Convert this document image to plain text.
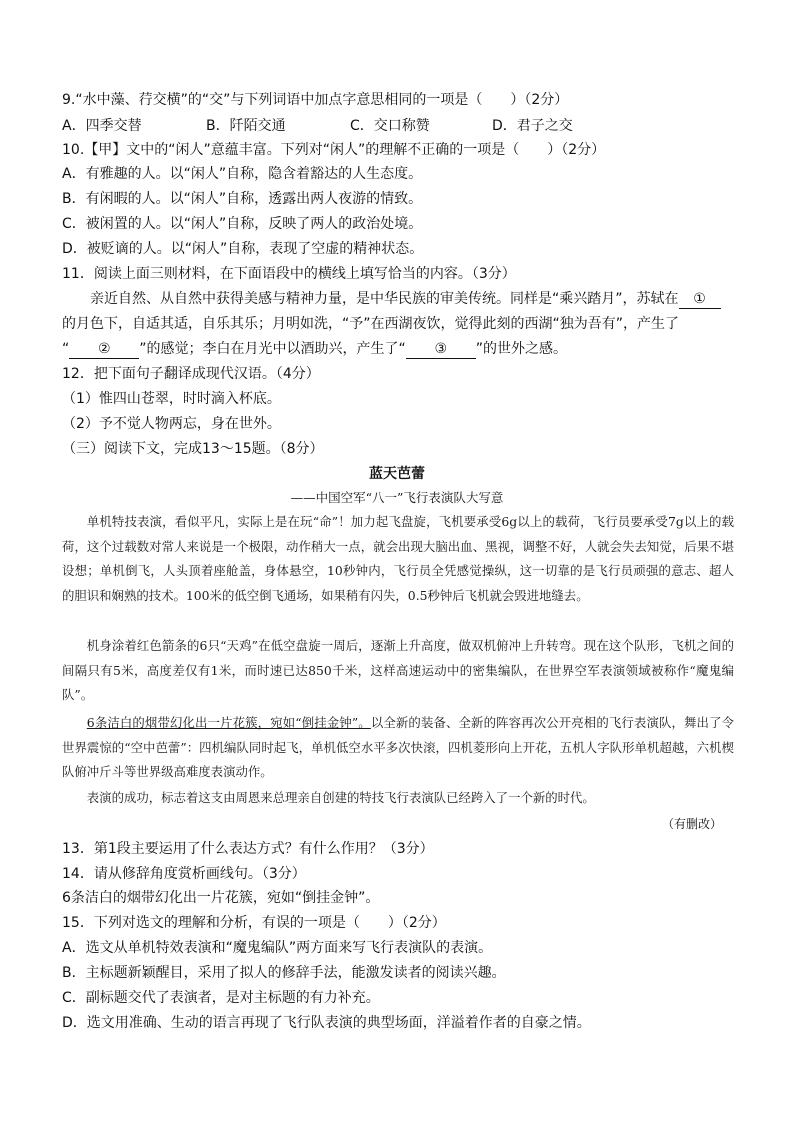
9.“水中藻、荇交横”的“交”与下列词语中加点字意思相同的一项是（　　）（2分）
A．四季交替	B．阡陌交通	C．交口称赞	D．君子之交
10.【甲】文中的“闲人”意蕴丰富。下列对“闲人”的理解不正确的一项是（　　）（2分）
A．有雅趣的人。以“闲人”自称，隐含着豁达的人生态度。
B．有闲暇的人。以“闲人”自称，透露出两人夜游的情致。
C．被闲置的人。以“闲人”自称，反映了两人的政治处境。
D．被贬谪的人。以“闲人”自称，表现了空虚的精神状态。
11．阅读上面三则材料，在下面语段中的横线上填写恰当的内容。（3分）
亲近自然、从自然中获得美感与精神力量，是中华民族的审美传统。同样是“乘兴踏月”，苏轼在 ①
的月色下，自适其适，自乐其乐；月明如洗，“予”在西湖夜饮，觉得此刻的西湖“独为吾有”，产生了
“ ② ”的感觉；李白在月光中以酒助兴，产生了“ ③ ”的世外之感。
12．把下面句子翻译成现代汉语。（4分）
（1）惟四山苍翠，时时滴入杯底。
（2）予不觉人物两忘，身在世外。
（三）阅读下文，完成13～15题。（8分）
蓝天芭蕾
——中国空军“八一”飞行表演队大写意
单机特技表演，看似平凡，实际上是在玩“命”！加力起飞盘旋，飞机要承受6g以上的载荷，飞行员要承受7g以上的载荷，这个过载数对常人来说是一个极限，动作稍大一点，就会出现大脑出血、黑视，调整不好，人就会失去知觉，后果不堪设想；单机倒飞，人头顶着座舱盖，身体悬空，10秒钟内，飞行员全凭感觉操纵，这一切靠的是飞行员顽强的意志、超人的胆识和娴熟的技术。100米的低空倒飞通场，如果稍有闪失，0.5秒钟后飞机就会毁进地缝去。
机身涂着红色箭条的6只“天鸡”在低空盘旋一周后，逐渐上升高度，做双机俯冲上升转弯。现在这个队形，飞机之间的间隔只有5米，高度差仅有1米，而时速已达850千米，这样高速运动中的密集编队，在世界空军表演领域被称作“魔鬼编队”。
6条洁白的烟带幻化出一片花簇，宛如“倒挂金钟”。以全新的装备、全新的阵容再次公开亮相的飞行表演队，舞出了令世界震惊的“空中芭蕾”：四机编队同时起飞，单机低空水平多次快滚，四机菱形向上开花，五机人字队形单机超越，六机楔队俯冲斤斗等世界级高难度表演动作。
表演的成功，标志着这支由周恩来总理亲自创建的特技飞行表演队已经跨入了一个新的时代。
（有删改）
13．第1段主要运用了什么表达方式？有什么作用？（3分）
14．请从修辞角度赏析画线句。（3分）
6条洁白的烟带幻化出一片花簇，宛如“倒挂金钟”。
15．下列对选文的理解和分析，有误的一项是（　　）（2分）
A．选文从单机特效表演和“魔鬼编队”两方面来写飞行表演队的表演。
B．主标题新颖醒目，采用了拟人的修辞手法，能激发读者的阅读兴趣。
C．副标题交代了表演者，是对主标题的有力补充。
D．选文用准确、生动的语言再现了飞行队表演的典型场面，洋溢着作者的自豪之情。
